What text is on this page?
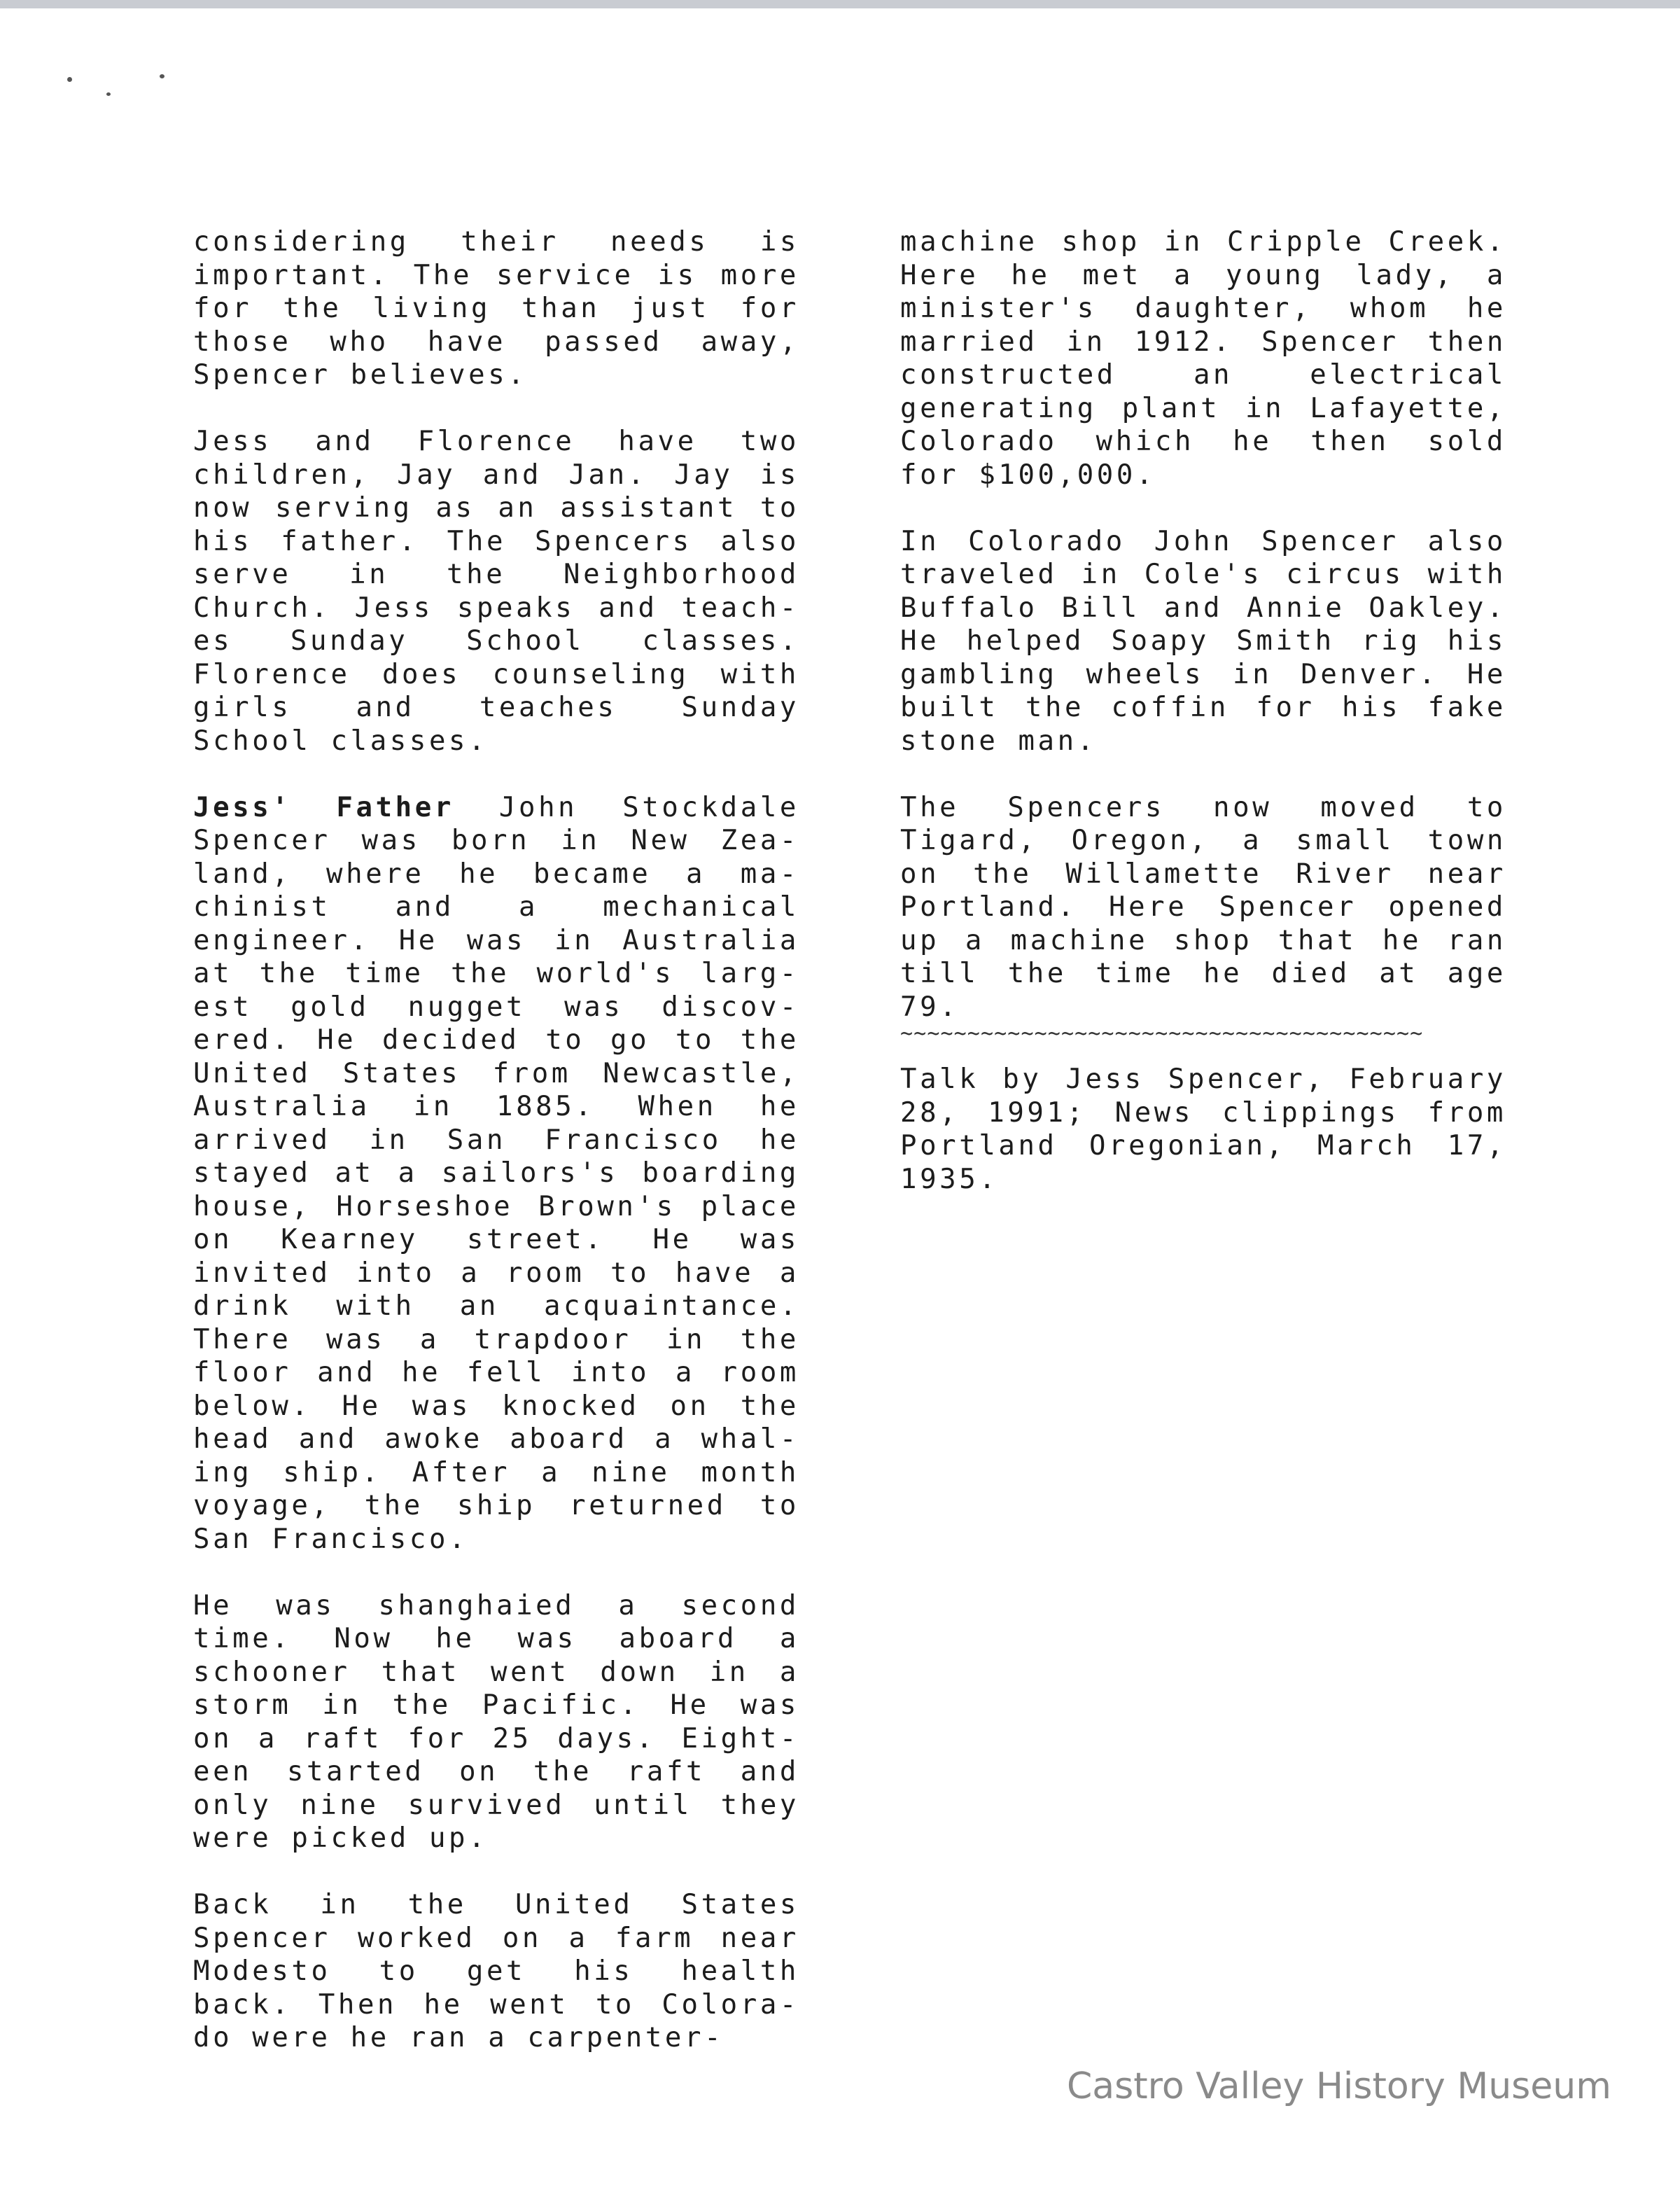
considering their needs is important. The service is more for the living than just for those who have passed away, Spencer believes.

Jess and Florence have two children, Jay and Jan. Jay is now serving as an assistant to his father. The Spencers also serve in the Neighborhood Church. Jess speaks and teach- es Sunday School classes. Florence does counseling with girls and teaches Sunday School classes.

Jess' Father John Stockdale Spencer was born in New Zea- land, where he became a ma- chinist and a mechanical engineer. He was in Australia at the time the world's larg- est gold nugget was discov- ered. He decided to go to the United States from Newcastle, Australia in 1885. When he arrived in San Francisco he stayed at a sailors's boarding house, Horseshoe Brown's place on Kearney street. He was invited into a room to have a drink with an acquaintance. There was a trapdoor in the floor and he fell into a room below. He was knocked on the head and awoke aboard a whal- ing ship. After a nine month voyage, the ship returned to San Francisco.

He was shanghaied a second time. Now he was aboard a schooner that went down in a storm in the Pacific. He was on a raft for 25 days. Eight- een started on the raft and only nine survived until they were picked up.

Back in the United States Spencer worked on a farm near Modesto to get his health back. Then he went to Colora- do were he ran a carpenter-

machine shop in Cripple Creek. Here he met a young lady, a minister's daughter, whom he married in 1912. Spencer then constructed an electrical generating plant in Lafayette, Colorado which he then sold for $100,000.

In Colorado John Spencer also traveled in Cole's circus with Buffalo Bill and Annie Oakley. He helped Soapy Smith rig his gambling wheels in Denver. He built the coffin for his fake stone man.

The Spencers now moved to Tigard, Oregon, a small town on the Willamette River near Portland. Here Spencer opened up a machine shop that he ran till the time he died at age 79.

~~~~~~~~~~~~~~~~~~~~~~~~~~~~~~~~~~~~~~~

Talk by Jess Spencer, February 28, 1991; News clippings from Portland Oregonian, March 17, 1935.

Castro Valley History Museum
